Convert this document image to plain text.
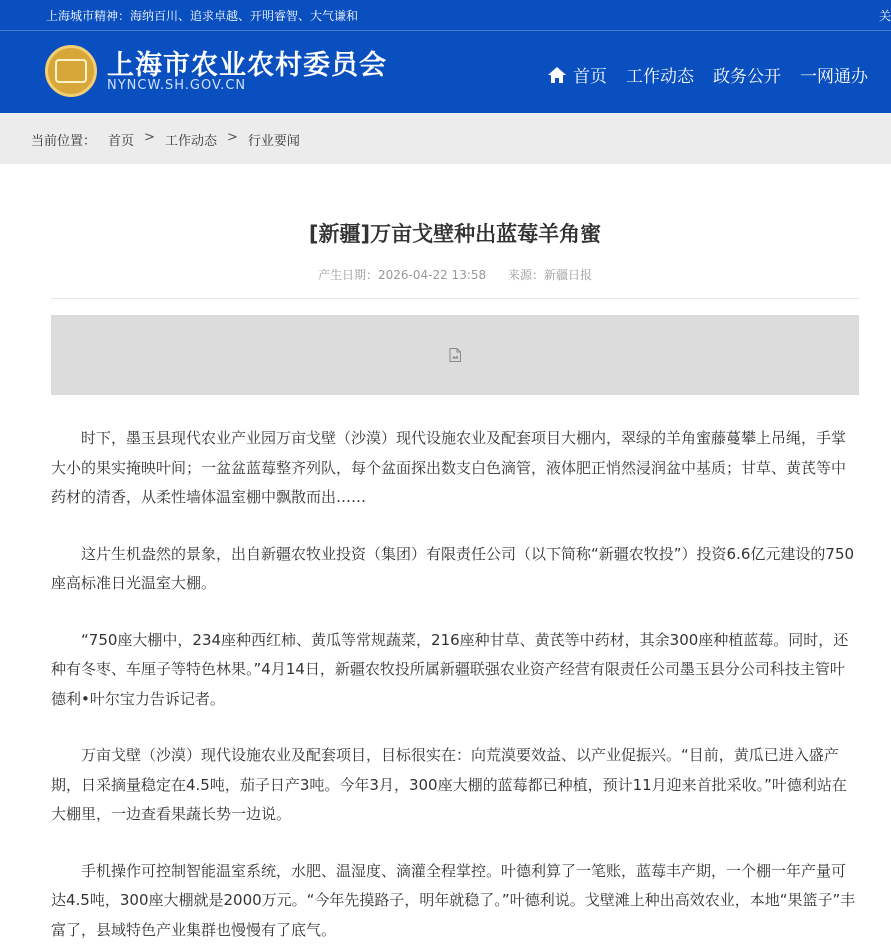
上海城市精神：海纳百川、追求卓越、开明睿智、大气谦和	关
上海市农业农村委员会
NYNCW.SH.GOV.CN	首页 工作动态 政务公开 一网通办
当前位置： 首页 > 工作动态 > 行业要闻
[新疆]万亩戈壁种出蓝莓羊角蜜
产生日期：2026-04-22 13:58 来源：新疆日报

时下，墨玉县现代农业产业园万亩戈壁（沙漠）现代设施农业及配套项目大棚内，翠绿的羊角蜜藤蔓攀上吊绳，手掌大小的果实掩映叶间；一盆盆蓝莓整齐列队，每个盆面探出数支白色滴管，液体肥正悄然浸润盆中基质；甘草、黄芪等中药材的清香，从柔性墙体温室棚中飘散而出……

这片生机盎然的景象，出自新疆农牧业投资（集团）有限责任公司（以下简称“新疆农牧投”）投资6.6亿元建设的750座高标准日光温室大棚。

“750座大棚中，234座种西红柿、黄瓜等常规蔬菜，216座种甘草、黄芪等中药材，其余300座种植蓝莓。同时，还种有冬枣、车厘子等特色林果。”4月14日，新疆农牧投所属新疆联强农业资产经营有限责任公司墨玉县分公司科技主管叶德利•叶尔宝力告诉记者。

万亩戈壁（沙漠）现代设施农业及配套项目，目标很实在：向荒漠要效益、以产业促振兴。“目前，黄瓜已进入盛产期，日采摘量稳定在4.5吨，茄子日产3吨。今年3月，300座大棚的蓝莓都已种植，预计11月迎来首批采收。”叶德利站在大棚里，一边查看果蔬长势一边说。

手机操作可控制智能温室系统，水肥、温湿度、滴灌全程掌控。叶德利算了一笔账，蓝莓丰产期，一个棚一年产量可达4.5吨，300座大棚就是2000万元。“今年先摸路子，明年就稳了。”叶德利说。戈壁滩上种出高效农业，本地“果篮子”丰富了，县域特色产业集群也慢慢有了底气。
